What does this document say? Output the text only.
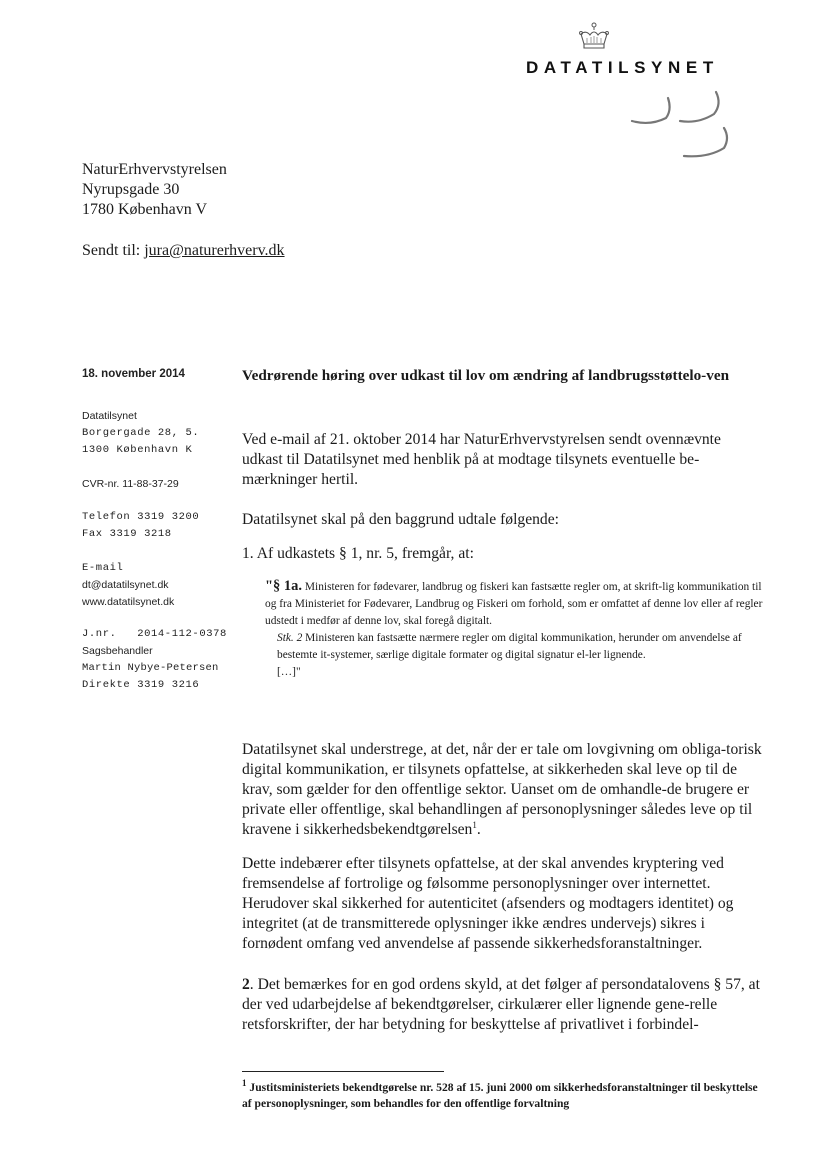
DATATILSYNET
NaturErhvervstyrelsen
Nyrupsgade 30
1780 København V
Sendt til: jura@naturerhverv.dk
18. november 2014
Datatilsynet
Borgergade 28, 5.
1300 København K
CVR-nr. 11-88-37-29
Telefon 3319 3200
Fax 3319 3218
E-mail
dt@datatilsynet.dk
www.datatilsynet.dk
J.nr.   2014-112-0378
Sagsbehandler
Martin Nybye-Petersen
Direkte 3319 3216
Vedrørende høring over udkast til lov om ændring af landbrugsstøttelo-ven
Ved e-mail af 21. oktober 2014 har NaturErhvervstyrelsen sendt ovennævnte udkast til Datatilsynet med henblik på at modtage tilsynets eventuelle be-mærkninger hertil.
Datatilsynet skal på den baggrund udtale følgende:
1. Af udkastets § 1, nr. 5, fremgår, at:
"§ 1a. Ministeren for fødevarer, landbrug og fiskeri kan fastsætte regler om, at skrift-lig kommunikation til og fra Ministeriet for Fødevarer, Landbrug og Fiskeri om forhold, som er omfattet af denne lov eller af regler udstedt i medfør af denne lov, skal foregå digitalt.
Stk. 2 Ministeren kan fastsætte nærmere regler om digital kommunikation, herunder om anvendelse af bestemte it-systemer, særlige digitale formater og digital signatur el-ler lignende.
[…]"
Datatilsynet skal understrege, at det, når der er tale om lovgivning om obliga-torisk digital kommunikation, er tilsynets opfattelse, at sikkerheden skal leve op til de krav, som gælder for den offentlige sektor. Uanset om de omhandle-de brugere er private eller offentlige, skal behandlingen af personoplysninger således leve op til kravene i sikkerhedsbekendtgørelsen$^1$.
Dette indebærer efter tilsynets opfattelse, at der skal anvendes kryptering ved fremsendelse af fortrolige og følsomme personoplysninger over internettet. Herudover skal sikkerhed for autenticitet (afsenders og modtagers identitet) og integritet (at de transmitterede oplysninger ikke ændres undervejs) sikres i fornødent omfang ved anvendelse af passende sikkerhedsforanstaltninger.
2. Det bemærkes for en god ordens skyld, at det følger af persondatalovens § 57, at der ved udarbejdelse af bekendtgørelser, cirkulærer eller lignende gene-relle retsforskrifter, der har betydning for beskyttelse af privatlivet i forbindel-
$^1$ Justitsministeriets bekendtgørelse nr. 528 af 15. juni 2000 om sikkerhedsforanstaltninger til beskyttelse af personoplysninger, som behandles for den offentlige forvaltning
